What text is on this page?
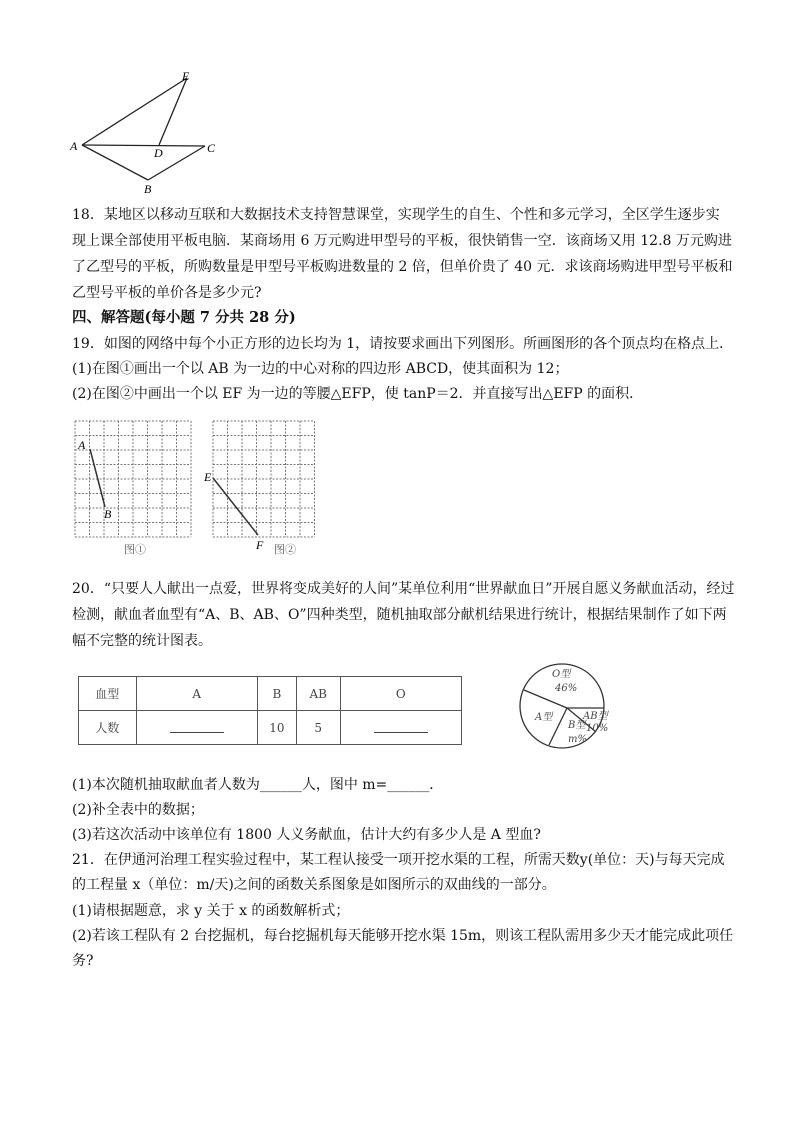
E
A	D	C
B
A
B
E
F
图①	图②
O型
46%
A型
B型
m%
AB型
10%
18．某地区以移动互联和大数据技术支持智慧课堂，实现学生的自生、个性和多元学习，全区学生逐步实
现上课全部使用平板电脑．某商场用 6 万元购进甲型号的平板，很快销售一空．该商场又用 12.8 万元购进
了乙型号的平板，所购数量是甲型号平板购进数量的 2 倍，但单价贵了 40 元．求该商场购进甲型号平板和
乙型号平板的单价各是多少元?
四、解答题(每小题 7 分共 28 分)
19．如图的网络中每个小正方形的边长均为 1，请按要求画出下列图形。所画图形的各个顶点均在格点上．
(1)在图①画出一个以 AB 为一边的中心对称的四边形 ABCD，使其面积为 12；
(2)在图②中画出一个以 EF 为一边的等腰△EFP，使 tanP＝2．并直接写出△EFP 的面积．
20．“只要人人献出一点爱，世界将变成美好的人间”某单位利用“世界献血日”开展自愿义务献血活动，经过
检测，献血者血型有“A、B、AB、O”四种类型，随机抽取部分献机结果进行统计，根据结果制作了如下两
幅不完整的统计图表。
血型	A	B	AB	O
人数		10	5	
(1)本次随机抽取献血者人数为______人，图中 m=______．
(2)补全表中的数据；
(3)若这次活动中该单位有 1800 人义务献血，估计大约有多少人是 A 型血?
21．在伊通河治理工程实验过程中，某工程认接受一项开挖水渠的工程，所需天数y(单位：天)与每天完成
的工程量 x（单位：m/天)之间的函数关系图象是如图所示的双曲线的一部分。
(1)请根据题意，求 y 关于 x 的函数解析式；
(2)若该工程队有 2 台挖掘机，每台挖掘机每天能够开挖水渠 15m，则该工程队需用多少天才能完成此项任
务?
